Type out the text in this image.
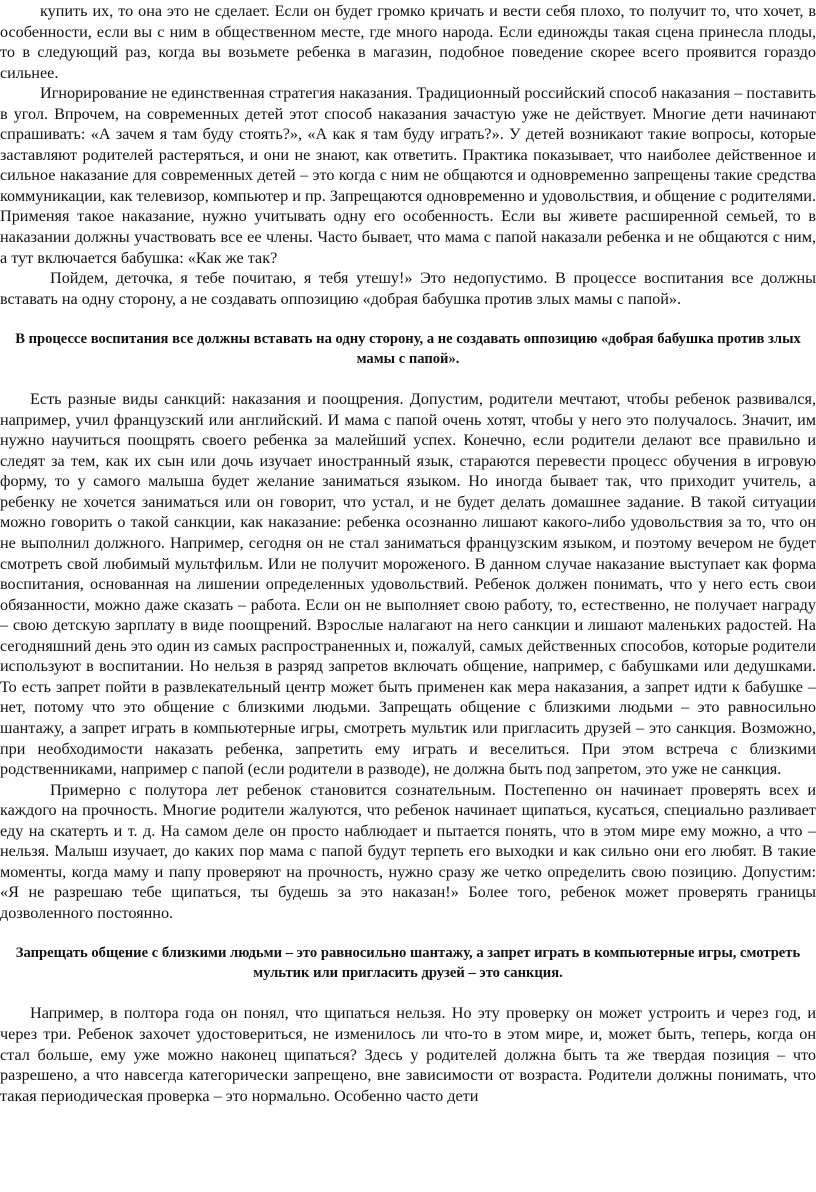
купить их, то она это не сделает. Если он будет громко кричать и вести себя плохо, то получит то, что хочет, в особенности, если вы с ним в общественном месте, где много народа. Если единожды такая сцена принесла плоды, то в следующий раз, когда вы возьмете ребенка в магазин, подобное поведение скорее всего проявится гораздо сильнее.

Игнорирование не единственная стратегия наказания. Традиционный российский способ наказания – поставить в угол. Впрочем, на современных детей этот способ наказания зачастую уже не действует. Многие дети начинают спрашивать: «А зачем я там буду стоять?», «А как я там буду играть?». У детей возникают такие вопросы, которые заставляют родителей растеряться, и они не знают, как ответить. Практика показывает, что наиболее действенное и сильное наказание для современных детей – это когда с ним не общаются и одновременно запрещены такие средства коммуникации, как телевизор, компьютер и пр. Запрещаются одновременно и удовольствия, и общение с родителями. Применяя такое наказание, нужно учитывать одну его особенность. Если вы живете расширенной семьей, то в наказании должны участвовать все ее члены. Часто бывает, что мама с папой наказали ребенка и не общаются с ним, а тут включается бабушка: «Как же так?

Пойдем, деточка, я тебе почитаю, я тебя утешу!» Это недопустимо. В процессе воспитания все должны вставать на одну сторону, а не создавать оппозицию «добрая бабушка против злых мамы с папой».

В процессе воспитания все должны вставать на одну сторону, а не создавать оппозицию «добрая бабушка против злых мамы с папой».

Есть разные виды санкций: наказания и поощрения. Допустим, родители мечтают, чтобы ребенок развивался, например, учил французский или английский. И мама с папой очень хотят, чтобы у него это получалось. Значит, им нужно научиться поощрять своего ребенка за малейший успех. Конечно, если родители делают все правильно и следят за тем, как их сын или дочь изучает иностранный язык, стараются перевести процесс обучения в игровую форму, то у самого малыша будет желание заниматься языком. Но иногда бывает так, что приходит учитель, а ребенку не хочется заниматься или он говорит, что устал, и не будет делать домашнее задание. В такой ситуации можно говорить о такой санкции, как наказание: ребенка осознанно лишают какого-либо удовольствия за то, что он не выполнил должного. Например, сегодня он не стал заниматься французским языком, и поэтому вечером не будет смотреть свой любимый мультфильм. Или не получит мороженого. В данном случае наказание выступает как форма воспитания, основанная на лишении определенных удовольствий. Ребенок должен понимать, что у него есть свои обязанности, можно даже сказать – работа. Если он не выполняет свою работу, то, естественно, не получает награду – свою детскую зарплату в виде поощрений. Взрослые налагают на него санкции и лишают маленьких радостей. На сегодняшний день это один из самых распространенных и, пожалуй, самых действенных способов, которые родители используют в воспитании. Но нельзя в разряд запретов включать общение, например, с бабушками или дедушками. То есть запрет пойти в развлекательный центр может быть применен как мера наказания, а запрет идти к бабушке – нет, потому что это общение с близкими людьми. Запрещать общение с близкими людьми – это равносильно шантажу, а запрет играть в компьютерные игры, смотреть мультик или пригласить друзей – это санкция. Возможно, при необходимости наказать ребенка, запретить ему играть и веселиться. При этом встреча с близкими родственниками, например с папой (если родители в разводе), не должна быть под запретом, это уже не санкция.

Примерно с полутора лет ребенок становится сознательным. Постепенно он начинает проверять всех и каждого на прочность. Многие родители жалуются, что ребенок начинает щипаться, кусаться, специально разливает еду на скатерть и т. д. На самом деле он просто наблюдает и пытается понять, что в этом мире ему можно, а что – нельзя. Малыш изучает, до каких пор мама с папой будут терпеть его выходки и как сильно они его любят. В такие моменты, когда маму и папу проверяют на прочность, нужно сразу же четко определить свою позицию. Допустим: «Я не разрешаю тебе щипаться, ты будешь за это наказан!» Более того, ребенок может проверять границы дозволенного постоянно.

Запрещать общение с близкими людьми – это равносильно шантажу, а запрет играть в компьютерные игры, смотреть мультик или пригласить друзей – это санкция.

Например, в полтора года он понял, что щипаться нельзя. Но эту проверку он может устроить и через год, и через три. Ребенок захочет удостовериться, не изменилось ли что-то в этом мире, и, может быть, теперь, когда он стал больше, ему уже можно наконец щипаться? Здесь у родителей должна быть та же твердая позиция – что разрешено, а что навсегда категорически запрещено, вне зависимости от возраста. Родители должны понимать, что такая периодическая проверка – это нормально. Особенно часто дети
